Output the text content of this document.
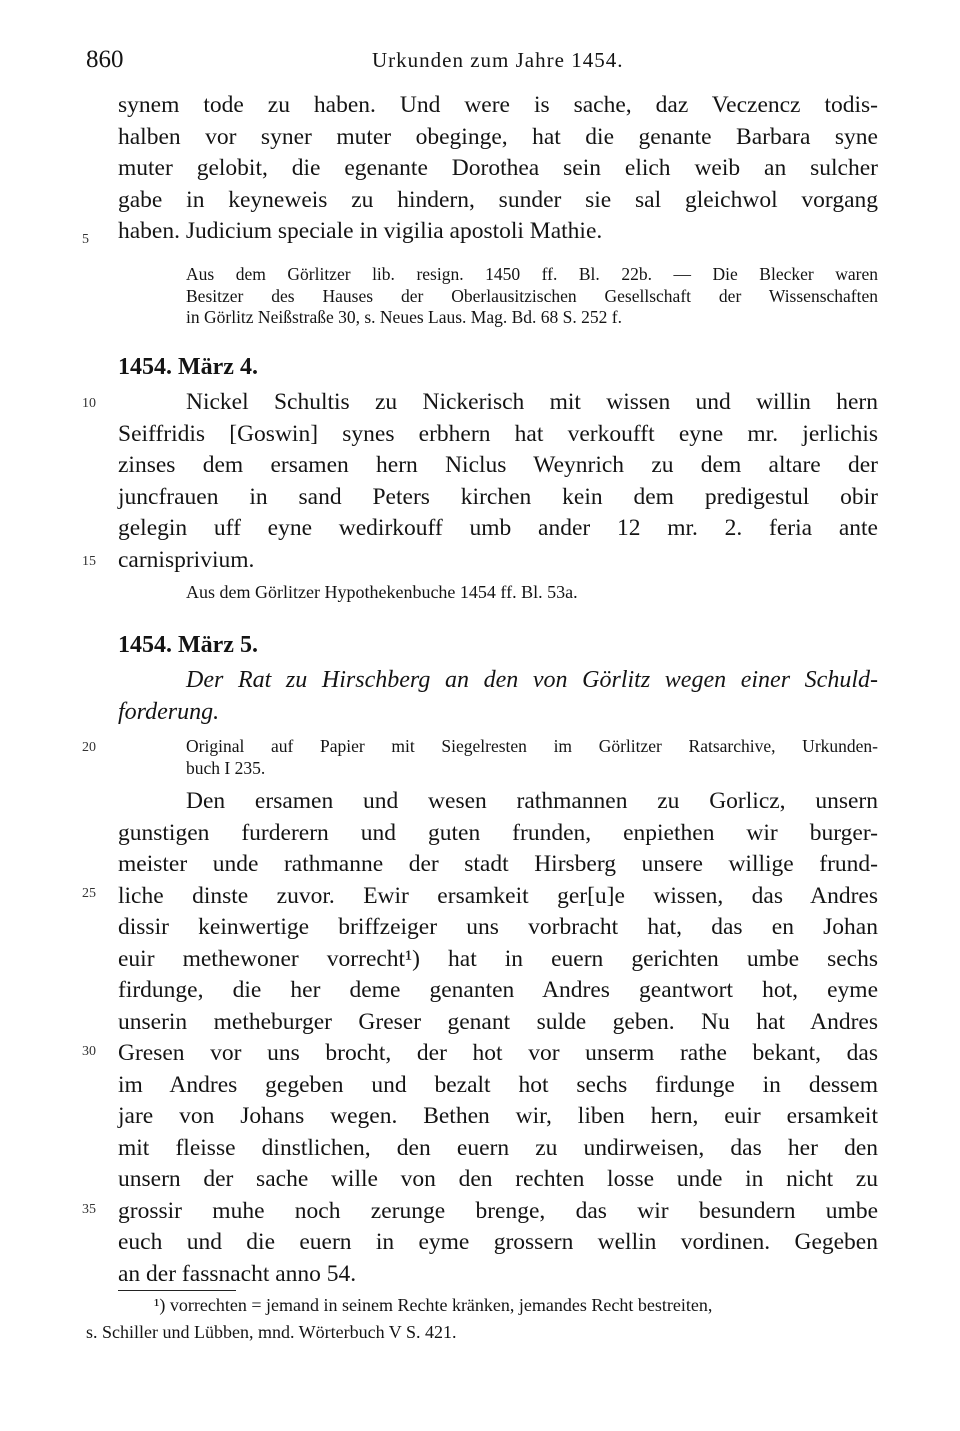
860	Urkunden zum Jahre 1454.
synem tode zu haben. Und were is sache, daz Veczencz todis-
halben vor syner muter obeginge, hat die genante Barbara syne
muter gelobit, die egenante Dorothea sein elich weib an sulcher
gabe in keyneweis zu hindern, sunder sie sal gleichwol vorgang
haben. Judicium speciale in vigilia apostoli Mathie.
Aus dem Görlitzer lib. resign. 1450 ff. Bl. 22b. — Die Blecker waren
Besitzer des Hauses der Oberlausitzischen Gesellschaft der Wissenschaften
in Görlitz Neißstraße 30, s. Neues Laus. Mag. Bd. 68 S. 252 f.
1454. März 4.
Nickel Schultis zu Nickerisch mit wissen und willin hern
Seiffridis [Goswin] synes erbhern hat verkoufft eyne mr. jerlichis
zinses dem ersamen hern Niclus Weynrich zu dem altare der
juncfrauen in sand Peters kirchen kein dem predigestul obir
gelegin uff eyne wedirkouff umb ander 12 mr. 2. feria ante
carnisprivium.
Aus dem Görlitzer Hypothekenbuche 1454 ff. Bl. 53a.
1454. März 5.
Der Rat zu Hirschberg an den von Görlitz wegen einer Schuld-
forderung.
Original auf Papier mit Siegelresten im Görlitzer Ratsarchive, Urkunden-
buch I 235.
Den ersamen und wesen rathmannen zu Gorlicz, unsern
gunstigen furderern und guten frunden, enpiethen wir burger-
meister unde rathmanne der stadt Hirsberg unsere willige frund-
liche dinste zuvor. Ewir ersamkeit ger[u]e wissen, das Andres
dissir keinwertige briffzeiger uns vorbracht hat, das en Johan
euir methewoner vorrecht¹) hat in euern gerichten umbe sechs
firdunge, die her deme genanten Andres geantwort hot, eyme
unserin metheburger Greser genant sulde geben. Nu hat Andres
Gresen vor uns brocht, der hot vor unserm rathe bekant, das
im Andres gegeben und bezalt hot sechs firdunge in dessem
jare von Johans wegen. Bethen wir, liben hern, euir ersamkeit
mit fleisse dinstlichen, den euern zu undirweisen, das her den
unsern der sache wille von den rechten losse unde in nicht zu
grossir muhe noch zerunge brenge, das wir besundern umbe
euch und die euern in eyme grossern wellin vordinen. Gegeben
an der fassnacht anno 54.
5
10
15
20
25
30
35
¹) vorrechten = jemand in seinem Rechte kränken, jemandes Recht bestreiten,
s. Schiller und Lübben, mnd. Wörterbuch V S. 421.
